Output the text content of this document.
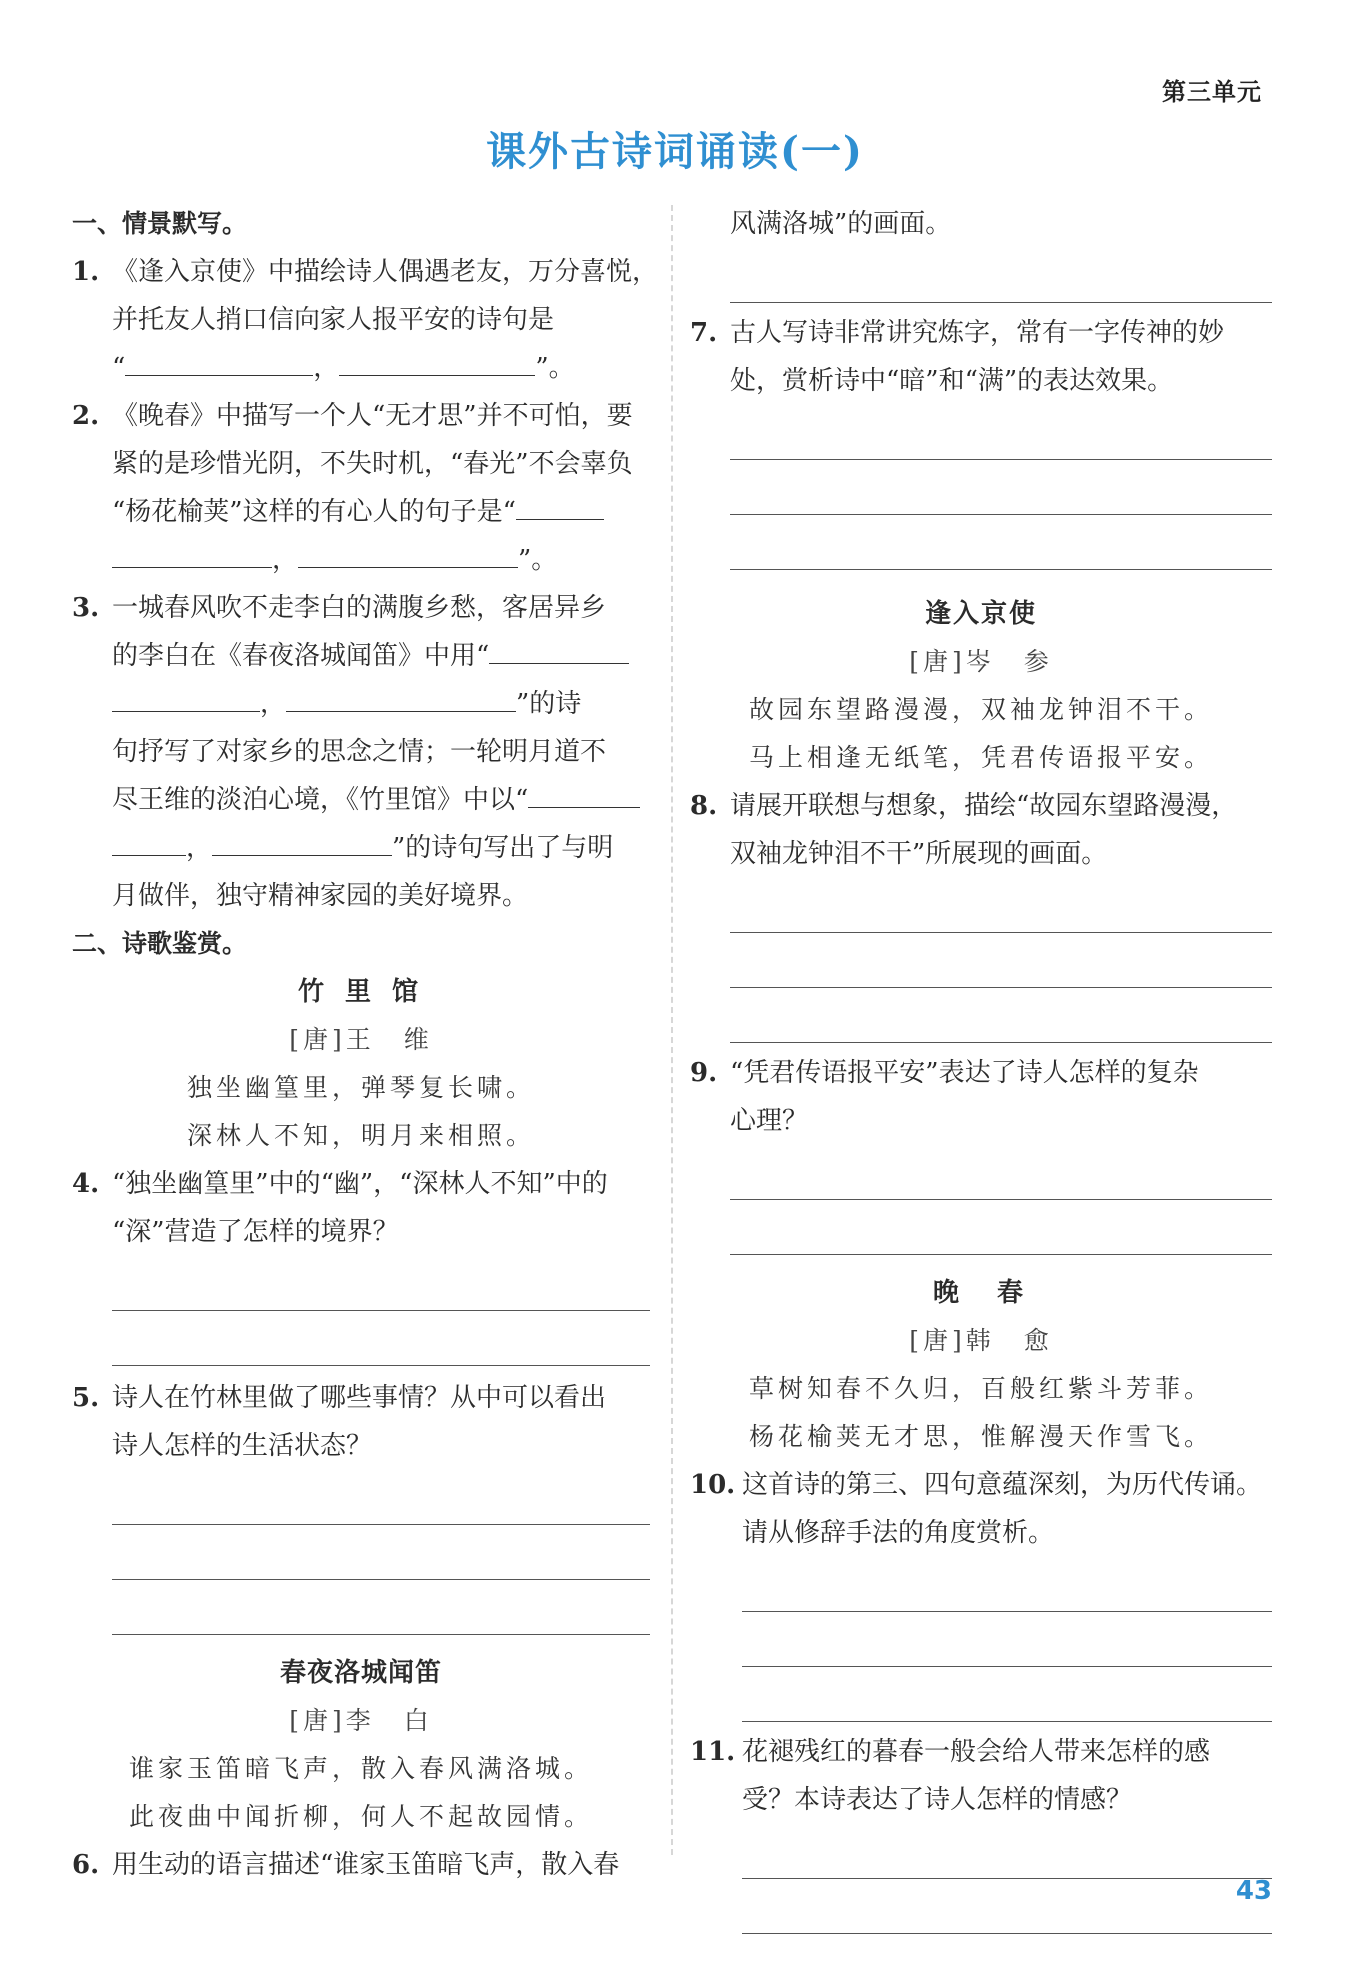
第三单元
课外古诗词诵读(一)
一、情景默写。
1. 《逢入京使》中描绘诗人偶遇老友，万分喜悦，
并托友人捎口信向家人报平安的诗句是
“	，	”。
2. 《晚春》中描写一个人“无才思”并不可怕，要
紧的是珍惜光阴，不失时机，“春光”不会辜负
“杨花榆荚”这样的有心人的句子是“
，	”。
3. 一城春风吹不走李白的满腹乡愁，客居异乡
的李白在《春夜洛城闻笛》中用“
，	”的诗
句抒写了对家乡的思念之情；一轮明月道不
尽王维的淡泊心境，《竹里馆》中以“
，	”的诗句写出了与明
月做伴，独守精神家园的美好境界。
二、诗歌鉴赏。
竹 里 馆
[唐]王　维
独坐幽篁里，弹琴复长啸。
深林人不知，明月来相照。
4. “独坐幽篁里”中的“幽”，“深林人不知”中的
“深”营造了怎样的境界？
5. 诗人在竹林里做了哪些事情？从中可以看出
诗人怎样的生活状态？
春夜洛城闻笛
[唐]李　白
谁家玉笛暗飞声，散入春风满洛城。
此夜曲中闻折柳，何人不起故园情。
6. 用生动的语言描述“谁家玉笛暗飞声，散入春
风满洛城”的画面。
7. 古人写诗非常讲究炼字，常有一字传神的妙
处，赏析诗中“暗”和“满”的表达效果。
逢入京使
[唐]岑　参
故园东望路漫漫，双袖龙钟泪不干。
马上相逢无纸笔，凭君传语报平安。
8. 请展开联想与想象，描绘“故园东望路漫漫，
双袖龙钟泪不干”所展现的画面。
9. “凭君传语报平安”表达了诗人怎样的复杂
心理？
晚　春
[唐]韩　愈
草树知春不久归，百般红紫斗芳菲。
杨花榆荚无才思，惟解漫天作雪飞。
10. 这首诗的第三、四句意蕴深刻，为历代传诵。
请从修辞手法的角度赏析。
11. 花褪残红的暮春一般会给人带来怎样的感
受？本诗表达了诗人怎样的情感？
43
